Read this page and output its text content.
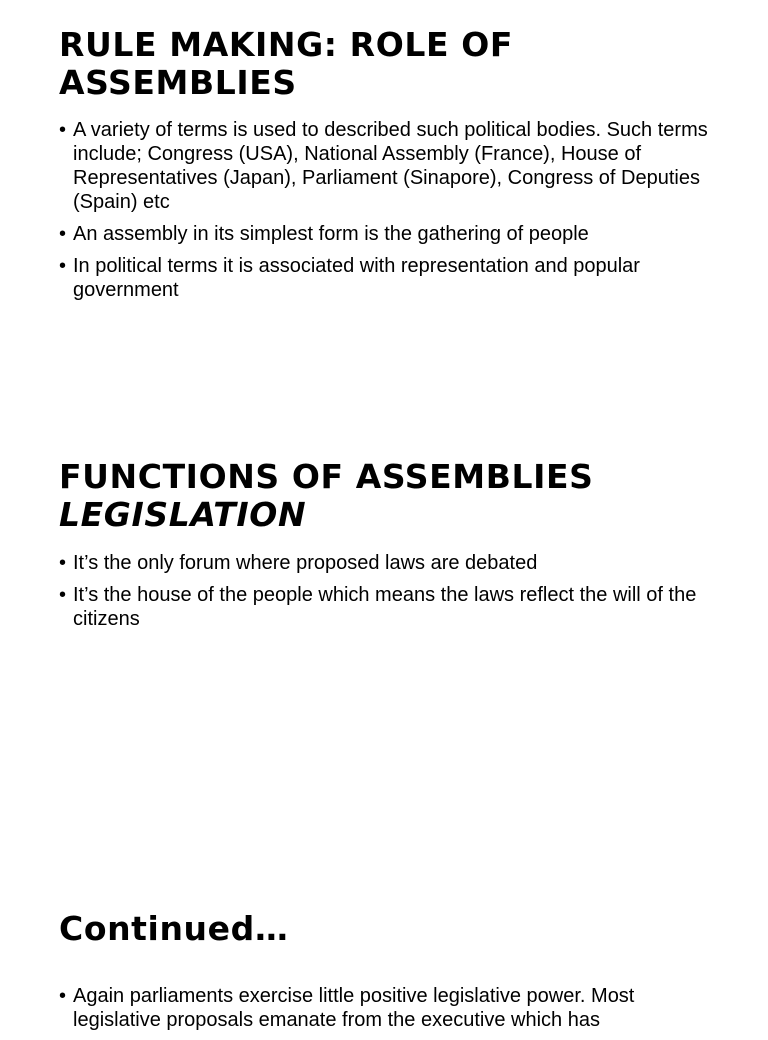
RULE MAKING: ROLE OF ASSEMBLIES
• A variety of terms is used to described such political bodies. Such terms include; Congress (USA), National Assembly (France), House of Representatives (Japan), Parliament (Sinapore), Congress of Deputies (Spain) etc
• An assembly in its simplest form is the gathering of people
• In political terms it is associated with representation and popular government
FUNCTIONS OF ASSEMBLIES
LEGISLATION
• It’s the only forum where proposed laws are debated
• It’s the house of the people which means the laws reflect the will of the citizens
Continued…
• Again parliaments exercise little positive legislative power. Most legislative proposals emanate from the executive which has
